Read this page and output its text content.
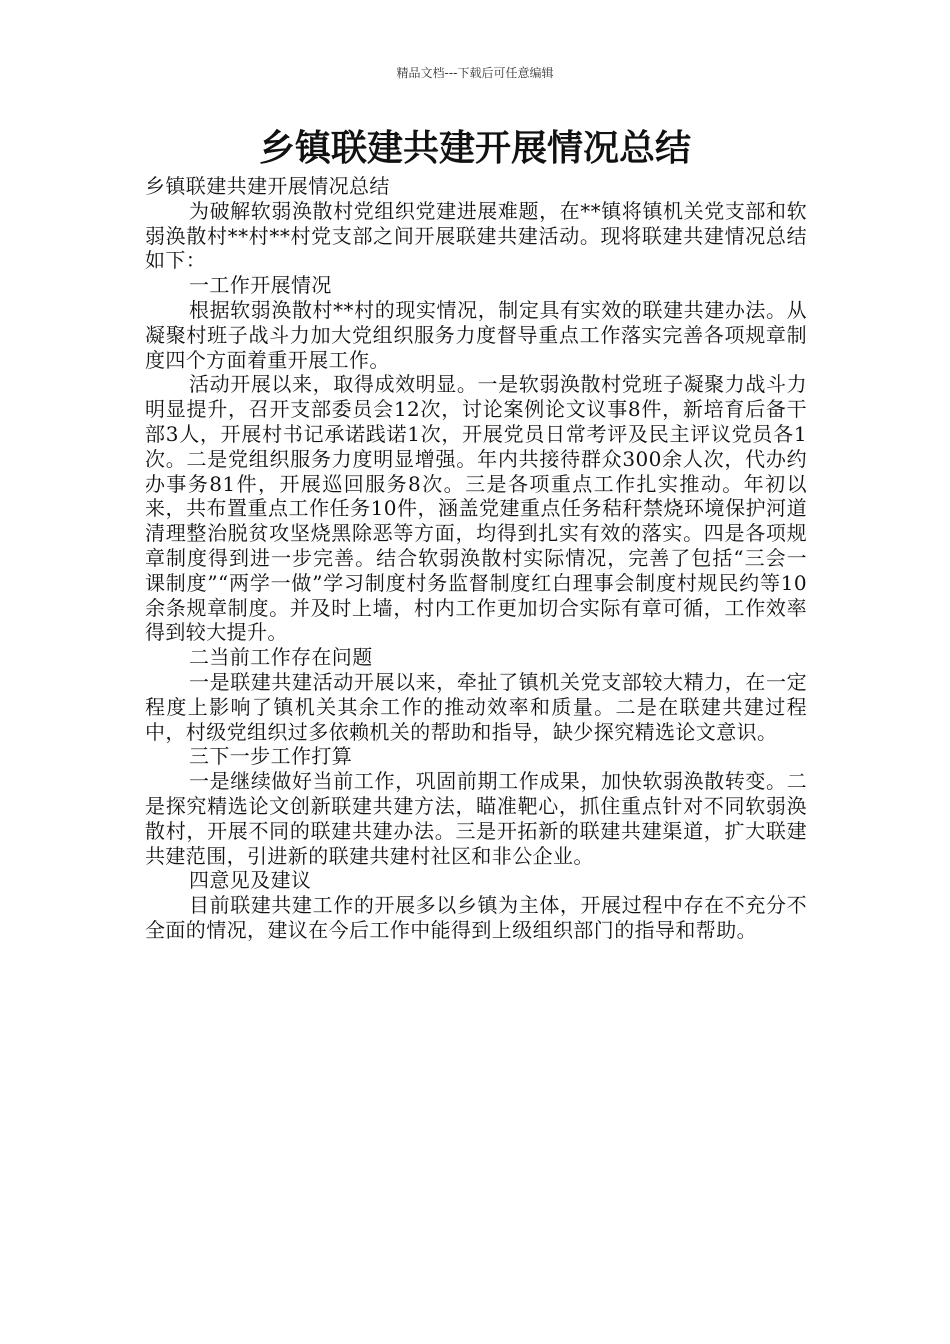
精品文档---下载后可任意编辑
乡镇联建共建开展情况总结

乡镇联建共建开展情况总结

为破解软弱涣散村党组织党建进展难题，在**镇将镇机关党支部和软弱涣散村**村**村党支部之间开展联建共建活动。现将联建共建情况总结如下：

一工作开展情况

根据软弱涣散村**村的现实情况，制定具有实效的联建共建办法。从凝聚村班子战斗力加大党组织服务力度督导重点工作落实完善各项规章制度四个方面着重开展工作。

活动开展以来，取得成效明显。一是软弱涣散村党班子凝聚力战斗力明显提升，召开支部委员会12次，讨论案例论文议事8件，新培育后备干部3人，开展村书记承诺践诺1次，开展党员日常考评及民主评议党员各1次。二是党组织服务力度明显增强。年内共接待群众300余人次，代办约办事务81件，开展巡回服务8次。三是各项重点工作扎实推动。年初以来，共布置重点工作任务10件，涵盖党建重点任务秸秆禁烧环境保护河道清理整治脱贫攻坚烧黑除恶等方面，均得到扎实有效的落实。四是各项规章制度得到进一步完善。结合软弱涣散村实际情况，完善了包括“三会一课制度”“两学一做”学习制度村务监督制度红白理事会制度村规民约等10余条规章制度。并及时上墙，村内工作更加切合实际有章可循，工作效率得到较大提升。

二当前工作存在问题

一是联建共建活动开展以来，牵扯了镇机关党支部较大精力，在一定程度上影响了镇机关其余工作的推动效率和质量。二是在联建共建过程中，村级党组织过多依赖机关的帮助和指导，缺少探究精选论文意识。

三下一步工作打算

一是继续做好当前工作，巩固前期工作成果，加快软弱涣散转变。二是探究精选论文创新联建共建方法，瞄准靶心，抓住重点针对不同软弱涣散村，开展不同的联建共建办法。三是开拓新的联建共建渠道，扩大联建共建范围，引进新的联建共建村社区和非公企业。

四意见及建议

目前联建共建工作的开展多以乡镇为主体，开展过程中存在不充分不全面的情况，建议在今后工作中能得到上级组织部门的指导和帮助。
